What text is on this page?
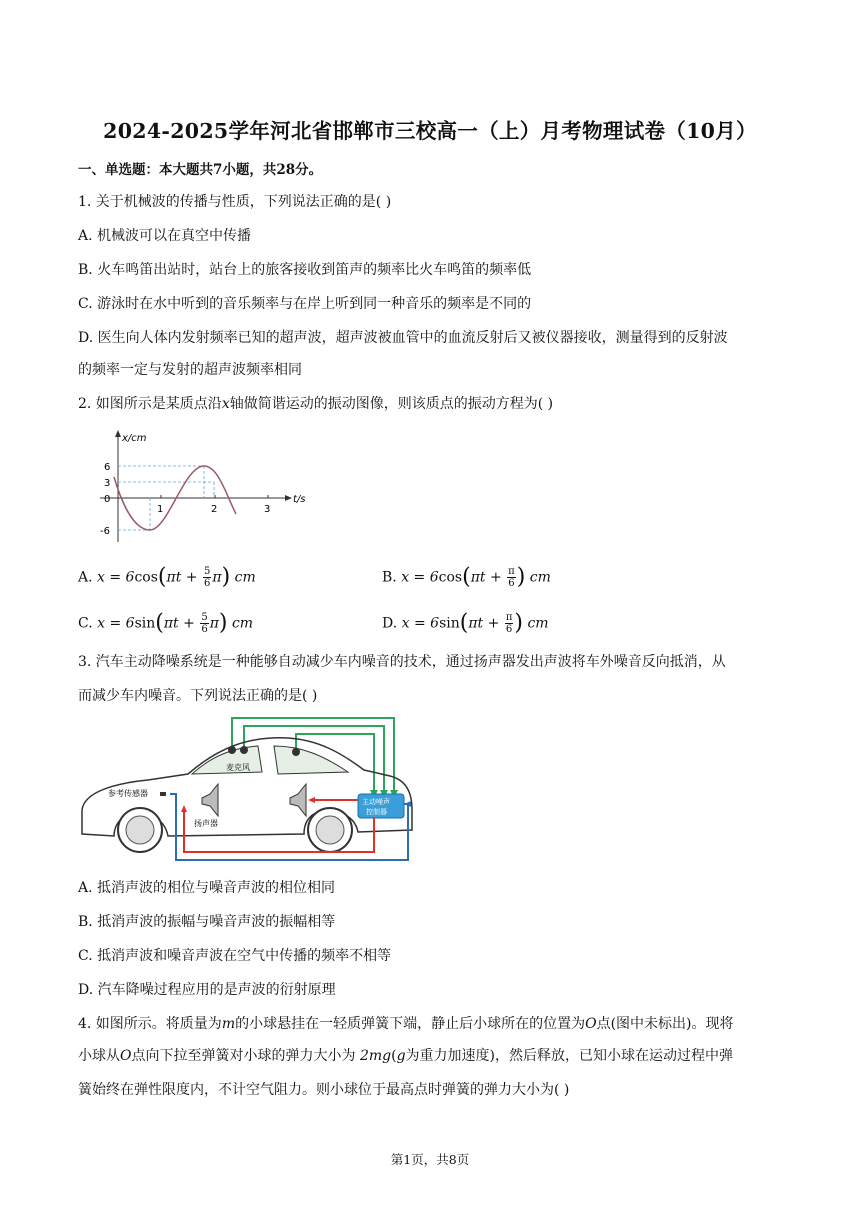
2024-2025学年河北省邯郸市三校高一（上）月考物理试卷（10月）
一、单选题：本大题共7小题，共28分。
1. 关于机械波的传播与性质，下列说法正确的是( )
A. 机械波可以在真空中传播
B. 火车鸣笛出站时，站台上的旅客接收到笛声的频率比火车鸣笛的频率低
C. 游泳时在水中听到的音乐频率与在岸上听到同一种音乐的频率是不同的
D. 医生向人体内发射频率已知的超声波，超声波被血管中的血流反射后又被仪器接收，测量得到的反射波
的频率一定与发射的超声波频率相同
2. 如图所示是某质点沿x轴做简谐运动的振动图像，则该质点的振动方程为( )
x/cm
t/s
6
3
0
-6
1	2	3
A. $x = 6\cos(\pi t + \frac{5}{6} \pi)$ cm	B. $x = 6\cos(\pi t + \frac{\pi}{6}$ ) cm
C. $x = 6\sin(\pi t + \frac{5}{6} \pi)$ cm	D. $x = 6\sin(\pi t + \frac{\pi}{6}$ ) cm
3. 汽车主动降噪系统是一种能够自动减少车内噪音的技术，通过扬声器发出声波将车外噪音反向抵消，从
而减少车内噪音。下列说法正确的是( )
麦克风
参考传感器
扬声器
主动噪声
控制器
A. 抵消声波的相位与噪音声波的相位相同
B. 抵消声波的振幅与噪音声波的振幅相等
C. 抵消声波和噪音声波在空气中传播的频率不相等
D. 汽车降噪过程应用的是声波的衍射原理
4. 如图所示。将质量为m的小球悬挂在一轻质弹簧下端，静止后小球所在的位置为O点(图中未标出)。现将
小球从O点向下拉至弹簧对小球的弹力大小为 2mg(g为重力加速度)，然后释放，已知小球在运动过程中弹
簧始终在弹性限度内，不计空气阻力。则小球位于最高点时弹簧的弹力大小为( )
第1页，共8页
